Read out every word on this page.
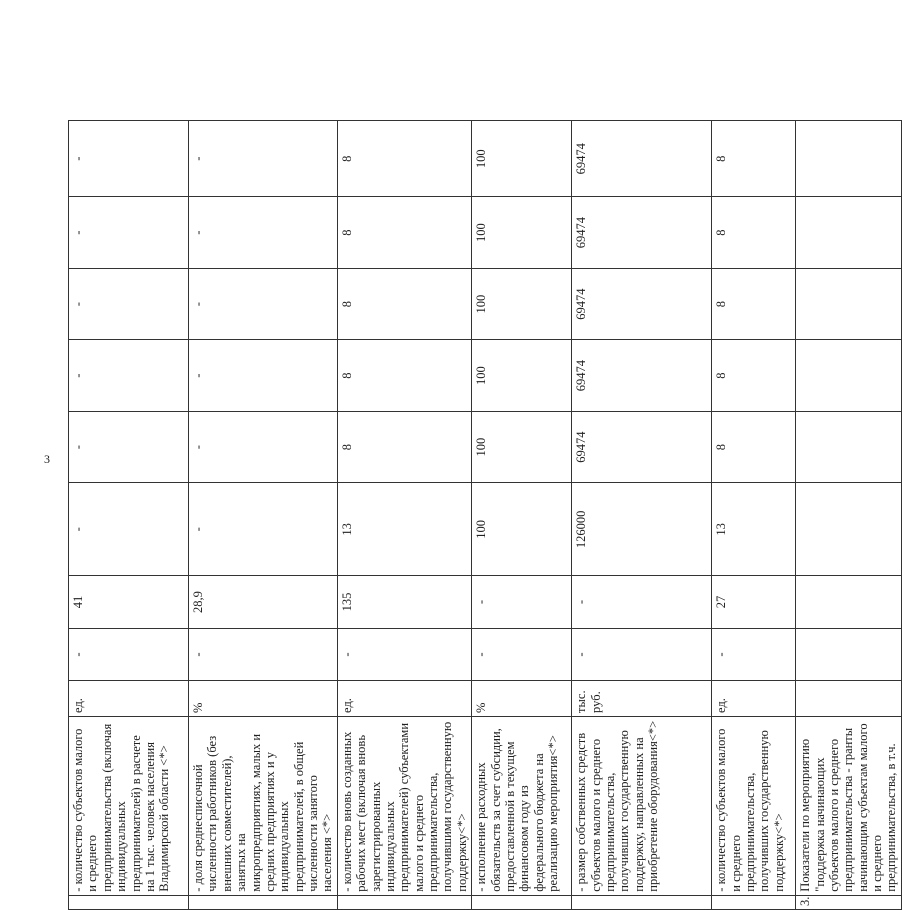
3
	- количество субъектов малого и среднего предпринимательства (включая индивидуальных предпринимателей) в расчете на 1 тыс. человек населения Владимирской области <*>	ед.	-	41	-	-	-	-	-	-
	- доля среднесписочной численности работников (без внешних совместителей), занятых на микропредприятиях, малых и средних предприятиях и у индивидуальных предпринимателей, в общей численности занятого населения <*>	%	-	28,9	-	-	-	-	-	-
	- количество вновь созданных рабочих мест (включая вновь зарегистрированных индивидуальных предпринимателей) субъектами малого и среднего предпринимательства, получившими государственную поддержку<*>	ед.	-	135	13	8	8	8	8	8
	- исполнение расходных обязательств за счет субсидии, предоставленной в текущем финансовом году из федерального бюджета на реализацию мероприятия<*>	%	-	-	100	100	100	100	100	100
	- размер собственных средств субъектов малого и среднего предпринимательства, получивших государственную поддержку, направленных на приобретение оборудования<*>	тыс. руб.	-	-	126000	69474	69474	69474	69474	69474
	- количество субъектов малого и среднего предпринимательства, получивших государственную поддержку<*>	ед.	-	27	13	8	8	8	8	8
3.	Показатели по мероприятию "поддержка начинающих субъектов малого и среднего предпринимательства - гранты начинающим субъектам малого и среднего предпринимательства, в т.ч.									
